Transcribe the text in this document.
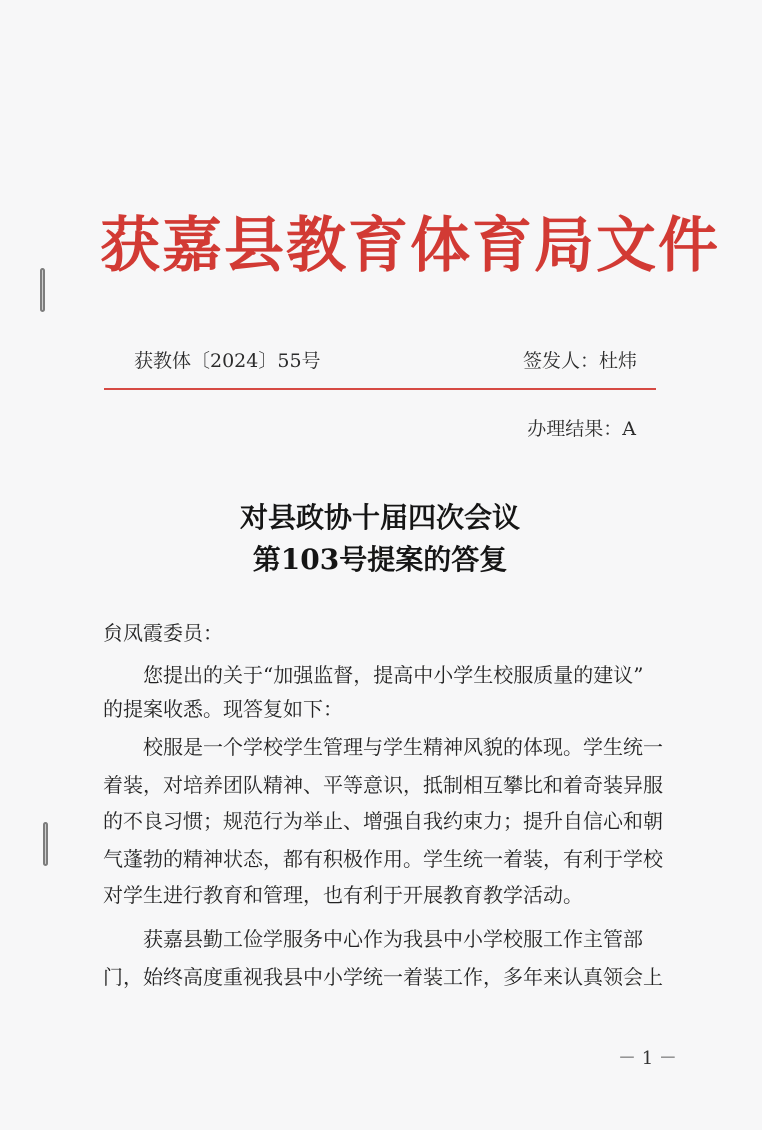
获嘉县教育体育局文件
获教体〔2024〕55号	签发人：杜炜
办理结果：A
对县政协十届四次会议
第103号提案的答复
贠凤霞委员：
　　您提出的关于“加强监督，提高中小学生校服质量的建议”
的提案收悉。现答复如下：
　　校服是一个学校学生管理与学生精神风貌的体现。学生统一
着装，对培养团队精神、平等意识，抵制相互攀比和着奇装异服
的不良习惯；规范行为举止、增强自我约束力；提升自信心和朝
气蓬勃的精神状态，都有积极作用。学生统一着装，有利于学校
对学生进行教育和管理，也有利于开展教育教学活动。
　　获嘉县勤工俭学服务中心作为我县中小学校服工作主管部
门，始终高度重视我县中小学统一着装工作，多年来认真领会上
－ 1 －
